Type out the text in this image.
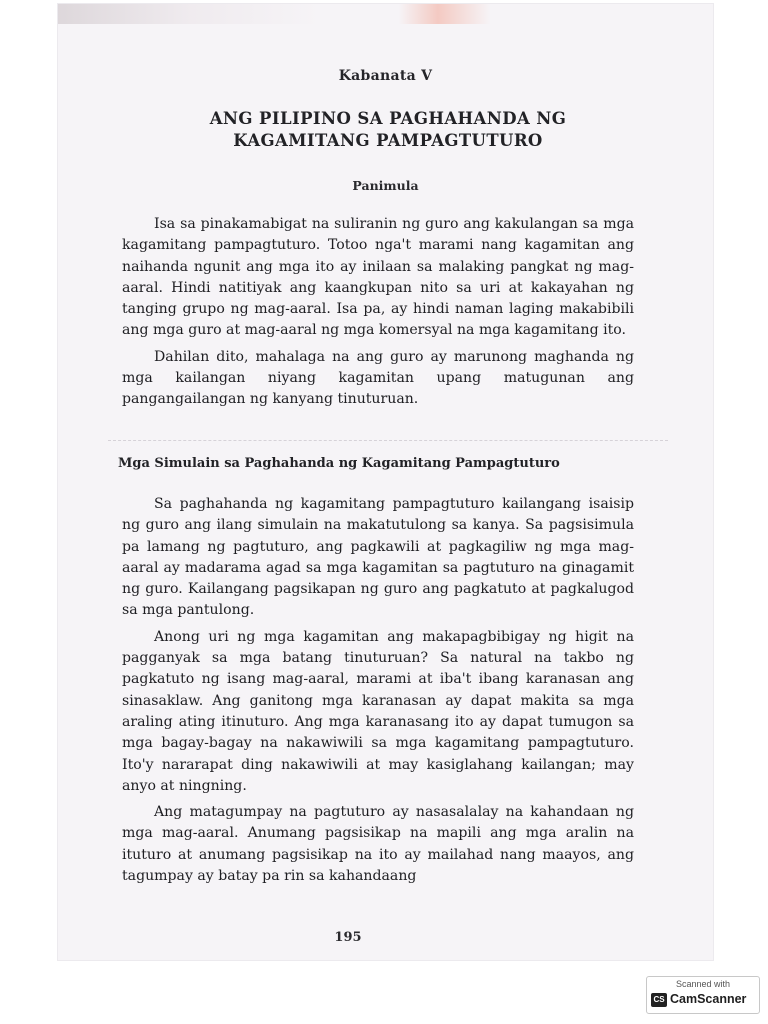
Kabanata V
ANG PILIPINO SA PAGHAHANDA NG
KAGAMITANG PAMPAGTUTURO
Panimula

Isa sa pinakamabigat na suliranin ng guro ang kakulangan sa mga kagamitang pampagtuturo. Totoo nga't marami nang kagamitan ang naihanda ngunit ang mga ito ay inilaan sa malaking pangkat ng mag-aaral. Hindi natitiyak ang kaangkupan nito sa uri at kakayahan ng tanging grupo ng mag-aaral. Isa pa, ay hindi naman laging makabibili ang mga guro at mag-aaral ng mga komersyal na mga kagamitang ito.

Dahilan dito, mahalaga na ang guro ay marunong maghanda ng mga kailangan niyang kagamitan upang matugunan ang pangangailangan ng kanyang tinuturuan.

Mga Simulain sa Paghahanda ng Kagamitang Pampagtuturo

Sa paghahanda ng kagamitang pampagtuturo kailangang isaisip ng guro ang ilang simulain na makatutulong sa kanya. Sa pagsisimula pa lamang ng pagtuturo, ang pagkawili at pagkagiliw ng mga mag-aaral ay madarama agad sa mga kagamitan sa pagtuturo na ginagamit ng guro. Kailangang pagsikapan ng guro ang pagkatuto at pagkalugod sa mga pantulong.

Anong uri ng mga kagamitan ang makapagbibigay ng higit na pagganyak sa mga batang tinuturuan? Sa natural na takbo ng pagkatuto ng isang mag-aaral, marami at iba't ibang karanasan ang sinasaklaw. Ang ganitong mga karanasan ay dapat makita sa mga araling ating itinuturo. Ang mga karanasang ito ay dapat tumugon sa mga bagay-bagay na nakawiwili sa mga kagamitang pampagtuturo. Ito'y nararapat ding nakawiwili at may kasiglahang kailangan; may anyo at ningning.

Ang matagumpay na pagtuturo ay nasasalalay na kahandaan ng mga mag-aaral. Anumang pagsisikap na mapili ang mga aralin na ituturo at anumang pagsisikap na ito ay mailahad nang maayos, ang tagumpay ay batay pa rin sa kahandaang

195
Scanned with
CS CamScanner
